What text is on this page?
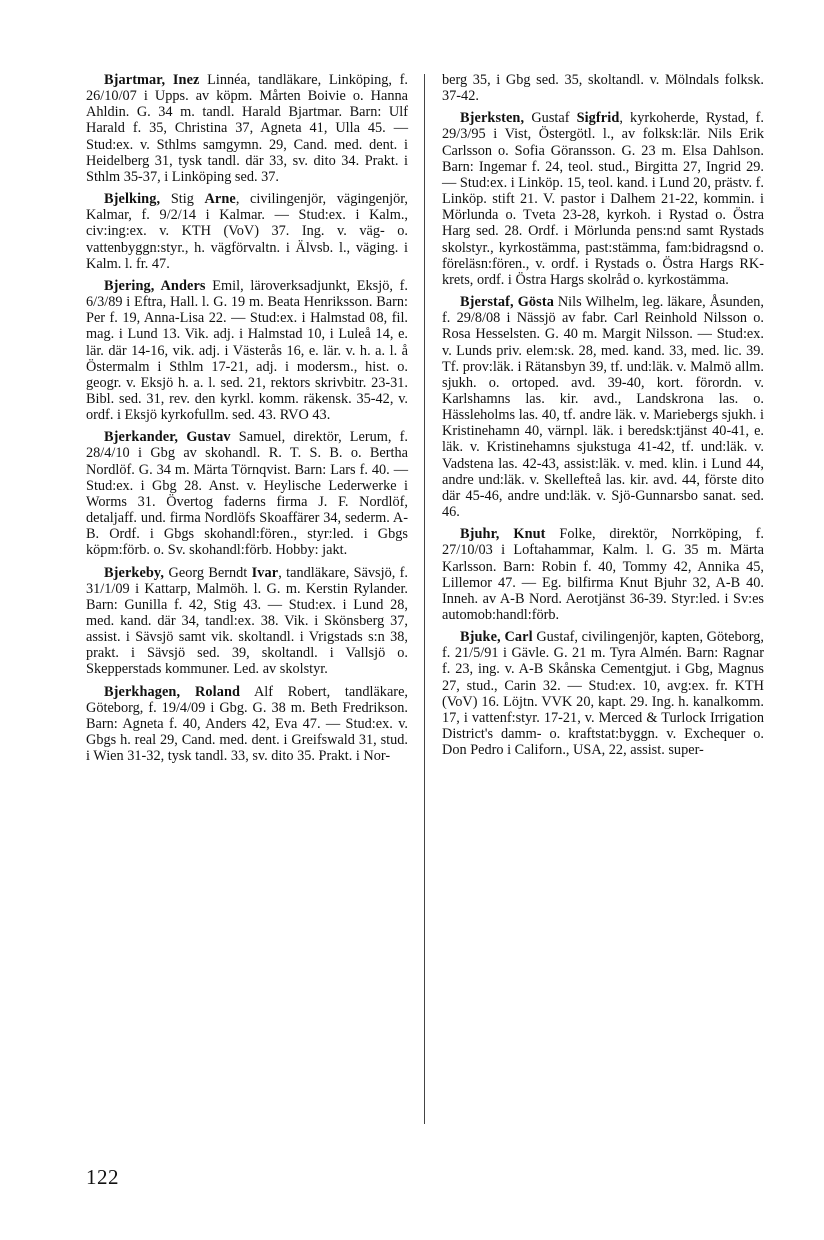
Bjartmar, Inez Linnéa, tandläkare, Linköping, f. 26/10/07 i Upps. av köpm. Mårten Boivie o. Hanna Ahldin. G. 34 m. tandl. Harald Bjartmar. Barn: Ulf Harald f. 35, Christina 37, Agneta 41, Ulla 45. — Stud:ex. v. Sthlms samgymn. 29, Cand. med. dent. i Heidelberg 31, tysk tandl. där 33, sv. dito 34. Prakt. i Sthlm 35-37, i Linköping sed. 37.

Bjelking, Stig Arne, civilingenjör, vägingenjör, Kalmar, f. 9/2/14 i Kalmar. — Stud:ex. i Kalm., civ:ing:ex. v. KTH (VoV) 37. Ing. v. väg- o. vattenbyggn:styr., h. vägförvaltn. i Älvsb. l., väging. i Kalm. l. fr. 47.

Bjering, Anders Emil, läroverksadjunkt, Eksjö, f. 6/3/89 i Eftra, Hall. l. G. 19 m. Beata Henriksson. Barn: Per f. 19, Anna-Lisa 22. — Stud:ex. i Halmstad 08, fil. mag. i Lund 13. Vik. adj. i Halmstad 10, i Luleå 14, e. lär. där 14-16, vik. adj. i Västerås 16, e. lär. v. h. a. l. å Östermalm i Sthlm 17-21, adj. i modersm., hist. o. geogr. v. Eksjö h. a. l. sed. 21, rektors skrivbitr. 23-31. Bibl. sed. 31, rev. den kyrkl. komm. räkensk. 35-42, v. ordf. i Eksjö kyrkofullm. sed. 43. RVO 43.

Bjerkander, Gustav Samuel, direktör, Lerum, f. 28/4/10 i Gbg av skohandl. R. T. S. B. o. Bertha Nordlöf. G. 34 m. Märta Törnqvist. Barn: Lars f. 40. — Stud:ex. i Gbg 28. Anst. v. Heylische Lederwerke i Worms 31. Övertog faderns firma J. F. Nordlöf, detaljaff. und. firma Nordlöfs Skoaffärer 34, sederm. A-B. Ordf. i Gbgs skohandl:fören., styr:led. i Gbgs köpm:förb. o. Sv. skohandl:förb. Hobby: jakt.

Bjerkeby, Georg Berndt Ivar, tandläkare, Sävsjö, f. 31/1/09 i Kattarp, Malmöh. l. G. m. Kerstin Rylander. Barn: Gunilla f. 42, Stig 43. — Stud:ex. i Lund 28, med. kand. där 34, tandl:ex. 38. Vik. i Skönsberg 37, assist. i Sävsjö samt vik. skoltandl. i Vrigstads s:n 38, prakt. i Sävsjö sed. 39, skoltandl. i Vallsjö o. Skepperstads kommuner. Led. av skolstyr.

Bjerkhagen, Roland Alf Robert, tandläkare, Göteborg, f. 19/4/09 i Gbg. G. 38 m. Beth Fredrikson. Barn: Agneta f. 40, Anders 42, Eva 47. — Stud:ex. v. Gbgs h. real 29, Cand. med. dent. i Greifswald 31, stud. i Wien 31-32, tysk tandl. 33, sv. dito 35. Prakt. i Nor-

berg 35, i Gbg sed. 35, skoltandl. v. Mölndals folksk. 37-42.

Bjerksten, Gustaf Sigfrid, kyrkoherde, Rystad, f. 29/3/95 i Vist, Östergötl. l., av folksk:lär. Nils Erik Carlsson o. Sofia Göransson. G. 23 m. Elsa Dahlson. Barn: Ingemar f. 24, teol. stud., Birgitta 27, Ingrid 29. — Stud:ex. i Linköp. 15, teol. kand. i Lund 20, prästv. f. Linköp. stift 21. V. pastor i Dalhem 21-22, kommin. i Mörlunda o. Tveta 23-28, kyrkoh. i Rystad o. Östra Harg sed. 28. Ordf. i Mörlunda pens:nd samt Rystads skolstyr., kyrkostämma, past:stämma, fam:bidragsnd o. föreläsn:fören., v. ordf. i Rystads o. Östra Hargs RK-krets, ordf. i Östra Hargs skolråd o. kyrkostämma.

Bjerstaf, Gösta Nils Wilhelm, leg. läkare, Åsunden, f. 29/8/08 i Nässjö av fabr. Carl Reinhold Nilsson o. Rosa Hesselsten. G. 40 m. Margit Nilsson. — Stud:ex. v. Lunds priv. elem:sk. 28, med. kand. 33, med. lic. 39. Tf. prov:läk. i Rätansbyn 39, tf. und:läk. v. Malmö allm. sjukh. o. ortoped. avd. 39-40, kort. förordn. v. Karlshamns las. kir. avd., Landskrona las. o. Hässleholms las. 40, tf. andre läk. v. Mariebergs sjukh. i Kristinehamn 40, värnpl. läk. i beredsk:tjänst 40-41, e. läk. v. Kristinehamns sjukstuga 41-42, tf. und:läk. v. Vadstena las. 42-43, assist:läk. v. med. klin. i Lund 44, andre und:läk. v. Skellefteå las. kir. avd. 44, förste dito där 45-46, andre und:läk. v. Sjö-Gunnarsbo sanat. sed. 46.

Bjuhr, Knut Folke, direktör, Norrköping, f. 27/10/03 i Loftahammar, Kalm. l. G. 35 m. Märta Karlsson. Barn: Robin f. 40, Tommy 42, Annika 45, Lillemor 47. — Eg. bilfirma Knut Bjuhr 32, A-B 40. Inneh. av A-B Nord. Aerotjänst 36-39. Styr:led. i Sv:es automob:handl:förb.

Bjuke, Carl Gustaf, civilingenjör, kapten, Göteborg, f. 21/5/91 i Gävle. G. 21 m. Tyra Almén. Barn: Ragnar f. 23, ing. v. A-B Skånska Cementgjut. i Gbg, Magnus 27, stud., Carin 32. — Stud:ex. 10, avg:ex. fr. KTH (VoV) 16. Löjtn. VVK 20, kapt. 29. Ing. h. kanalkomm. 17, i vattenf:styr. 17-21, v. Merced & Turlock Irrigation District's damm- o. kraftstat:byggn. v. Exchequer o. Don Pedro i Californ., USA, 22, assist. super-

122
